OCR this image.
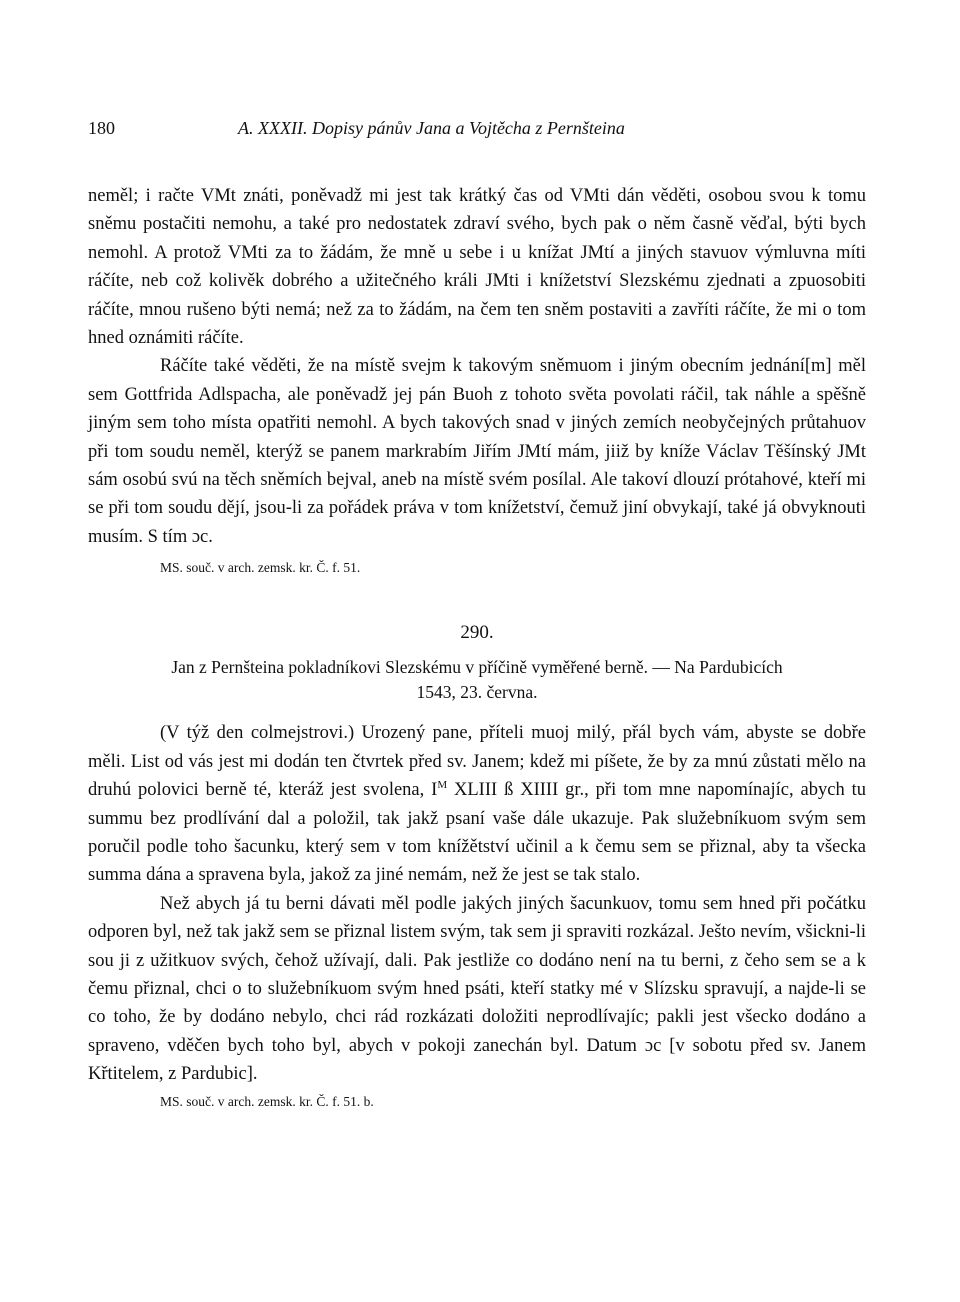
180	A. XXXII. Dopisy pánův Jana a Vojtěcha z Pernšteina

neměl; i račte VMt znáti, poněvadž mi jest tak krátký čas od VMti dán věděti, osobou svou k tomu sněmu postačiti nemohu, a také pro nedostatek zdraví svého, bych pak o něm časně věďal, býti bych nemohl. A protož VMti za to žádám, že mně u sebe i u knížat JMtí a jiných stavuov výmluvna míti ráčíte, neb což kolivěk dobrého a užitečného králi JMti i knížetství Slezskému zjednati a zpuosobiti ráčíte, mnou rušeno býti nemá; než za to žádám, na čem ten sněm postaviti a zavříti ráčíte, že mi o tom hned oznámiti ráčíte.

Ráčíte také věděti, že na místě svejm k takovým sněmuom i jiným obecním jednání[m] měl sem Gottfrida Adlspacha, ale poněvadž jej pán Buoh z tohoto světa povolati ráčil, tak náhle a spěšně jiným sem toho místa opatřiti nemohl. A bych takových snad v jiných zemích neobyčejných průtahuov při tom soudu neměl, kterýž se panem markrabím Jiřím JMtí mám, jiiž by kníže Václav Těšínský JMt sám osobú svú na těch sněmích bejval, aneb na místě svém posílal. Ale takoví dlouzí prótahové, kteří mi se při tom soudu dějí, jsou-li za pořádek práva v tom knížetství, čemuž jiní obvykají, také já obvyknouti musím. S tím ɔc.

MS. souč. v arch. zemsk. kr. Č. f. 51.
290.
Jan z Pernšteina pokladníkovi Slezskému v příčině vyměřené berně. — Na Pardubicích
1543, 23. června.

(V týž den colmejstrovi.) Urozený pane, příteli muoj milý, přál bych vám, abyste se dobře měli. List od vás jest mi dodán ten čtvrtek před sv. Janem; kdež mi píšete, že by za mnú zůstati mělo na druhú polovici berně té, kteráž jest svolena, $I^M$ XLIII ß XIIII gr., při tom mne napomínajíc, abych tu summu bez prodlívání dal a položil, tak jakž psaní vaše dále ukazuje. Pak služebníkuom svým sem poručil podle toho šacunku, který sem v tom knížětství učinil a k čemu sem se přiznal, aby ta všecka summa dána a spravena byla, jakož za jiné nemám, než že jest se tak stalo.

Než abych já tu berni dávati měl podle jakých jiných šacunkuov, tomu sem hned při počátku odporen byl, než tak jakž sem se přiznal listem svým, tak sem ji spraviti rozkázal. Ješto nevím, všickni-li sou ji z užitkuov svých, čehož užívají, dali. Pak jestliže co dodáno není na tu berni, z čeho sem se a k čemu přiznal, chci o to služebníkuom svým hned psáti, kteří statky mé v Slízsku spravují, a najde-li se co toho, že by dodáno nebylo, chci rád rozkázati doložiti neprodlívajíc; pakli jest všecko dodáno a spraveno, vděčen bych toho byl, abych v pokoji zanechán byl. Datum ɔc [v sobotu před sv. Janem Křtitelem, z Pardubic].

MS. souč. v arch. zemsk. kr. Č. f. 51. b.
